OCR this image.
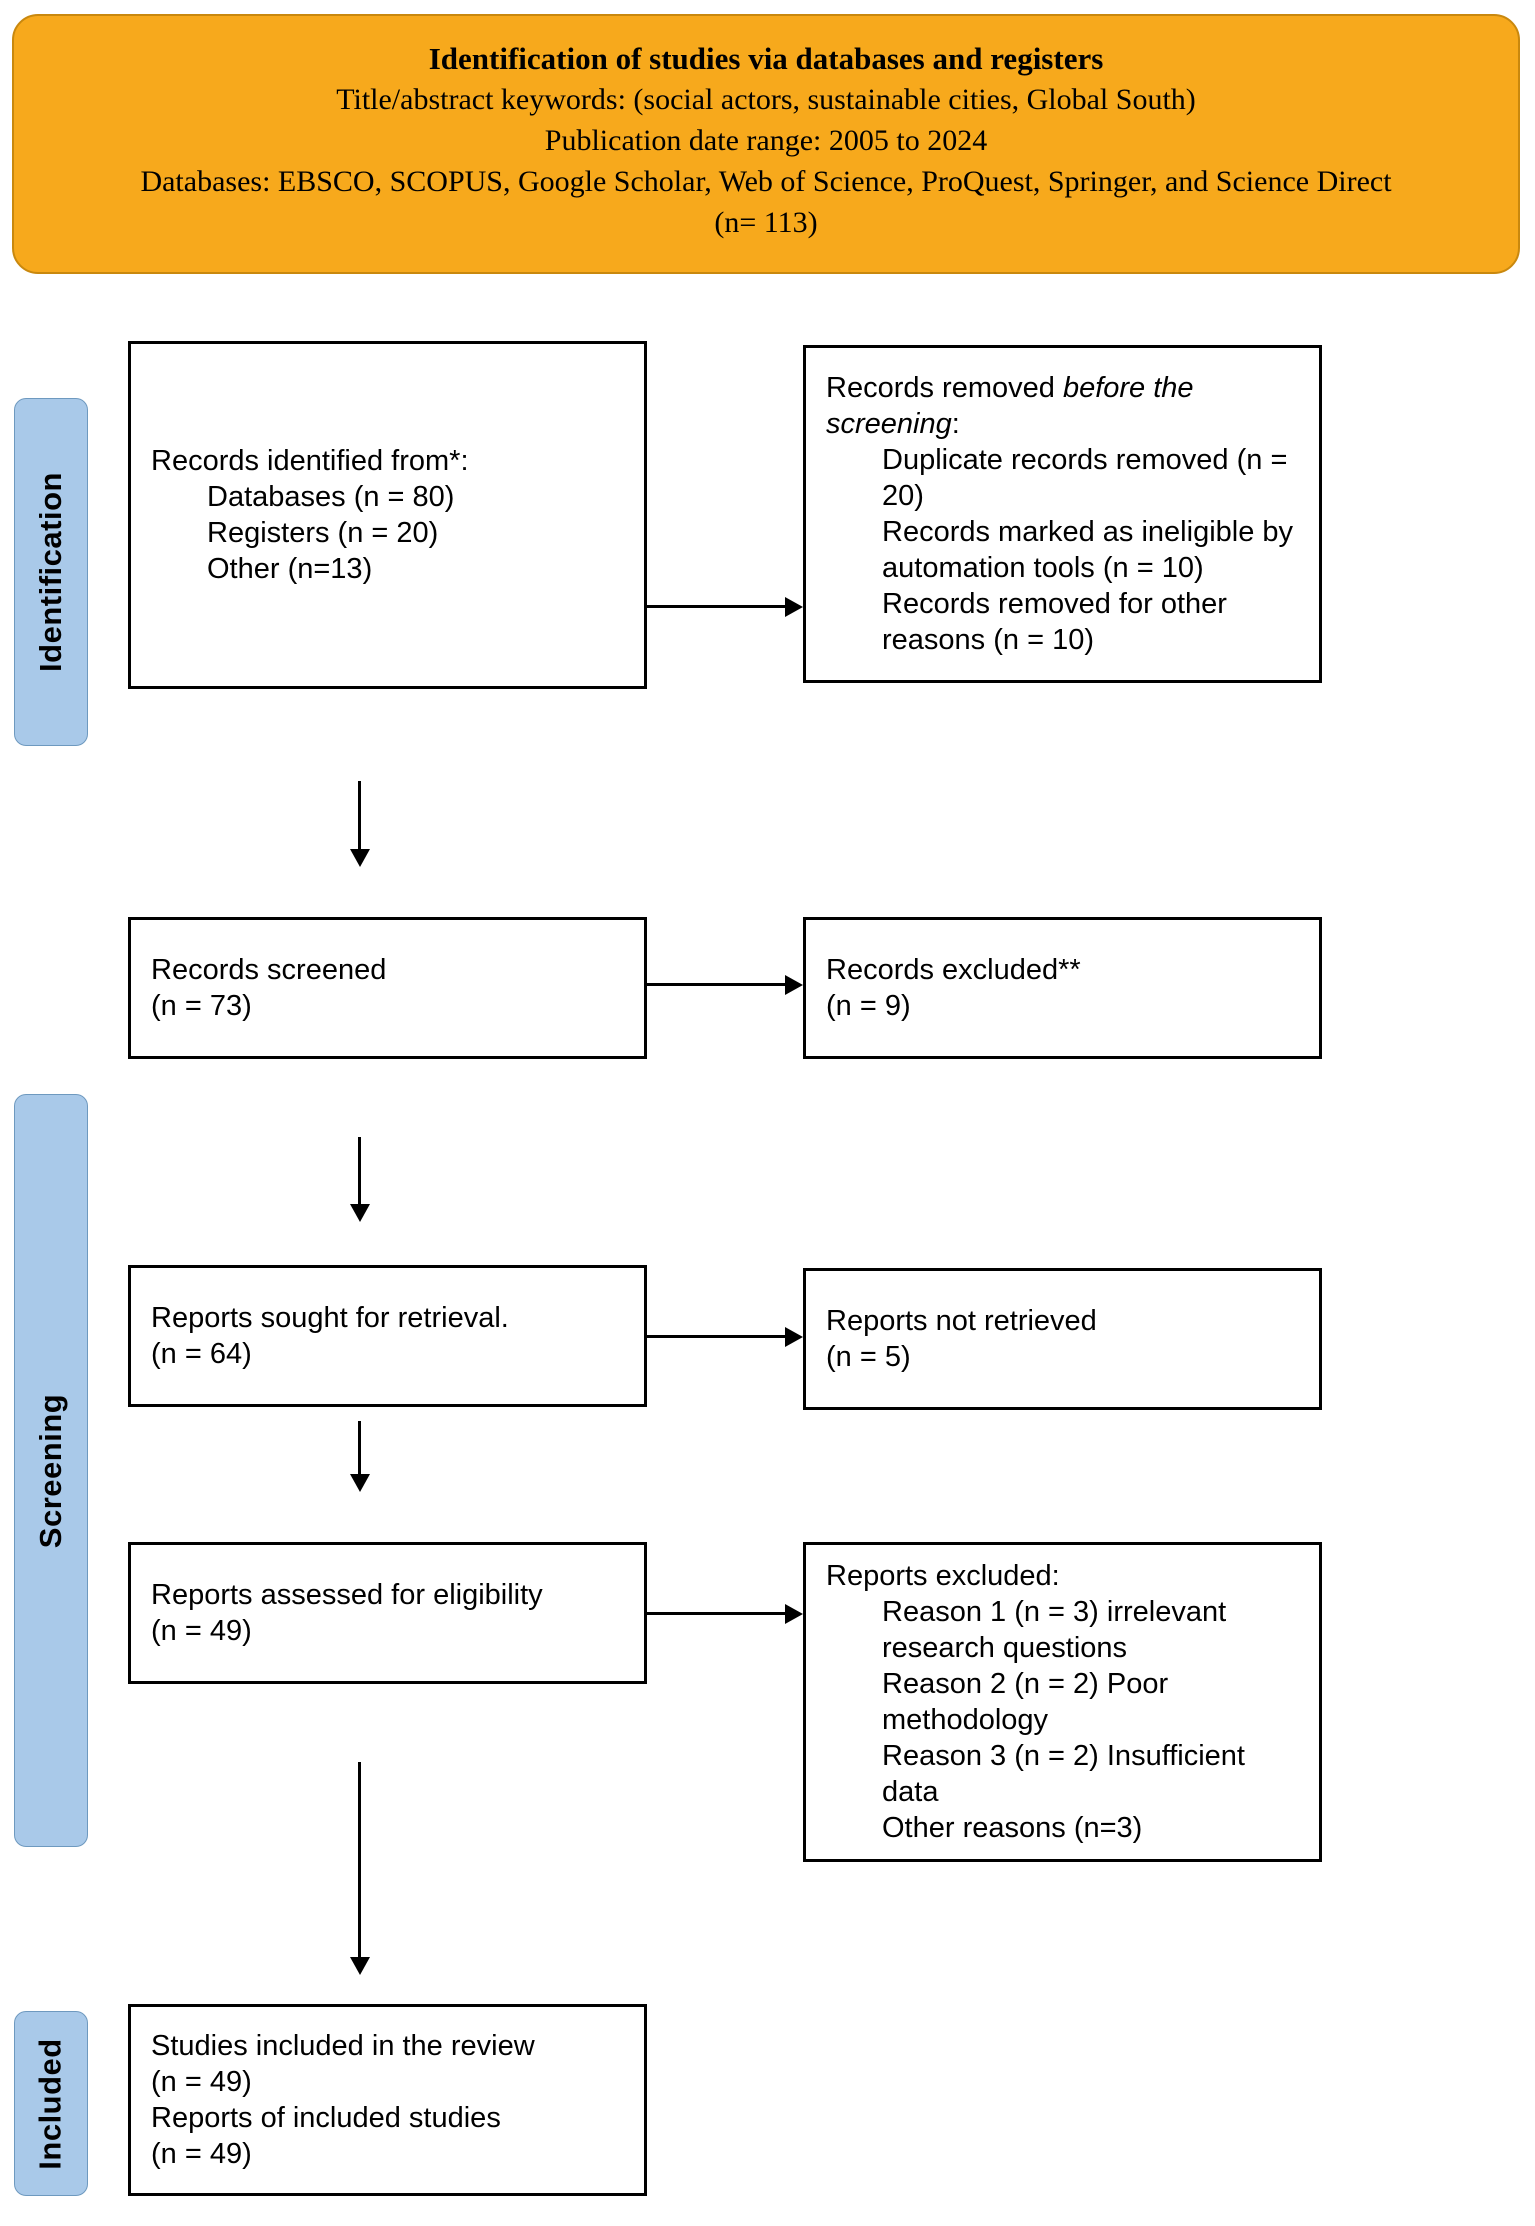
Identification of studies via databases and registers
Title/abstract keywords: (social actors, sustainable cities, Global South)
Publication date range: 2005 to 2024
Databases: EBSCO, SCOPUS, Google Scholar, Web of Science, ProQuest, Springer, and Science Direct
(n= 113)
Identification
Screening
Included
Records identified from*:
Databases (n = 80)
Registers (n = 20)
Other (n=13)
Records removed before the screening:
Duplicate records removed (n = 20)
Records marked as ineligible by automation tools (n = 10)
Records removed for other reasons (n = 10)
Records screened
(n = 73)
Records excluded**
(n = 9)
Reports sought for retrieval.
(n = 64)
Reports not retrieved
(n = 5)
Reports assessed for eligibility
(n = 49)
Reports excluded:
Reason 1 (n = 3) irrelevant research questions
Reason 2 (n = 2) Poor methodology
Reason 3 (n = 2) Insufficient data
Other reasons (n=3)
Studies included in the review
(n = 49)
Reports of included studies
(n = 49)
